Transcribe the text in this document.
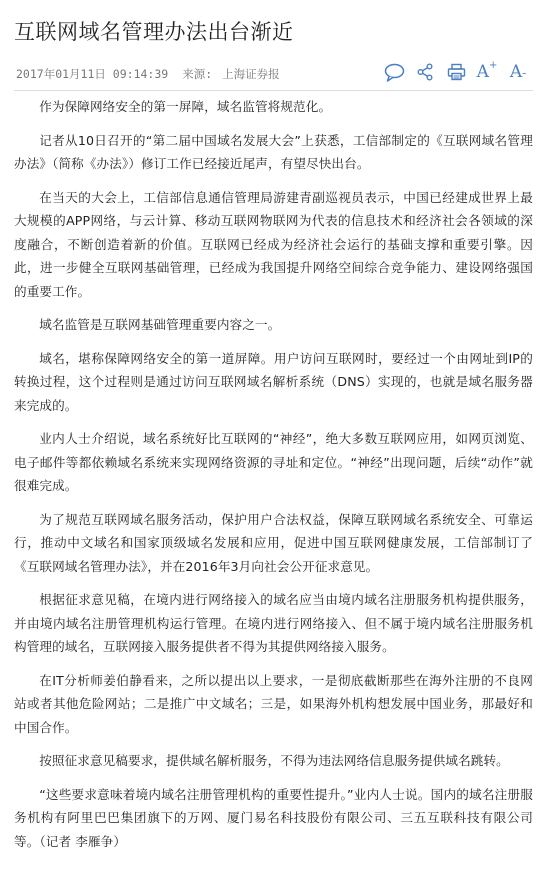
互联网域名管理办法出台渐近
2017年01月11日 09:14:39 来源: 上海证券报	A+ A-

作为保障网络安全的第一屏障，域名监管将规范化。

记者从10日召开的“第二届中国域名发展大会”上获悉，工信部制定的《互联网域名管理办法》（简称《办法》）修订工作已经接近尾声，有望尽快出台。

在当天的大会上，工信部信息通信管理局游建青副巡视员表示，中国已经建成世界上最大规模的APP网络，与云计算、移动互联网物联网为代表的信息技术和经济社会各领域的深度融合，不断创造着新的价值。互联网已经成为经济社会运行的基础支撑和重要引擎。因此，进一步健全互联网基础管理，已经成为我国提升网络空间综合竞争能力、建设网络强国的重要工作。

域名监管是互联网基础管理重要内容之一。

域名，堪称保障网络安全的第一道屏障。用户访问互联网时，要经过一个由网址到IP的转换过程，这个过程则是通过访问互联网域名解析系统（DNS）实现的，也就是域名服务器来完成的。

业内人士介绍说，域名系统好比互联网的“神经”，绝大多数互联网应用，如网页浏览、电子邮件等都依赖域名系统来实现网络资源的寻址和定位。“神经”出现问题，后续“动作”就很难完成。

为了规范互联网域名服务活动，保护用户合法权益，保障互联网域名系统安全、可靠运行，推动中文域名和国家顶级域名发展和应用，促进中国互联网健康发展，工信部制订了《互联网域名管理办法》，并在2016年3月向社会公开征求意见。

根据征求意见稿，在境内进行网络接入的域名应当由境内域名注册服务机构提供服务，并由境内域名注册管理机构运行管理。在境内进行网络接入、但不属于境内域名注册服务机构管理的域名，互联网接入服务提供者不得为其提供网络接入服务。

在IT分析师姜伯静看来，之所以提出以上要求，一是彻底截断那些在海外注册的不良网站或者其他危险网站；二是推广中文域名；三是，如果海外机构想发展中国业务，那最好和中国合作。

按照征求意见稿要求，提供域名解析服务，不得为违法网络信息服务提供域名跳转。

“这些要求意味着境内域名注册管理机构的重要性提升。”业内人士说。国内的域名注册服务机构有阿里巴巴集团旗下的万网、厦门易名科技股份有限公司、三五互联科技有限公司等。（记者 李雁争）
